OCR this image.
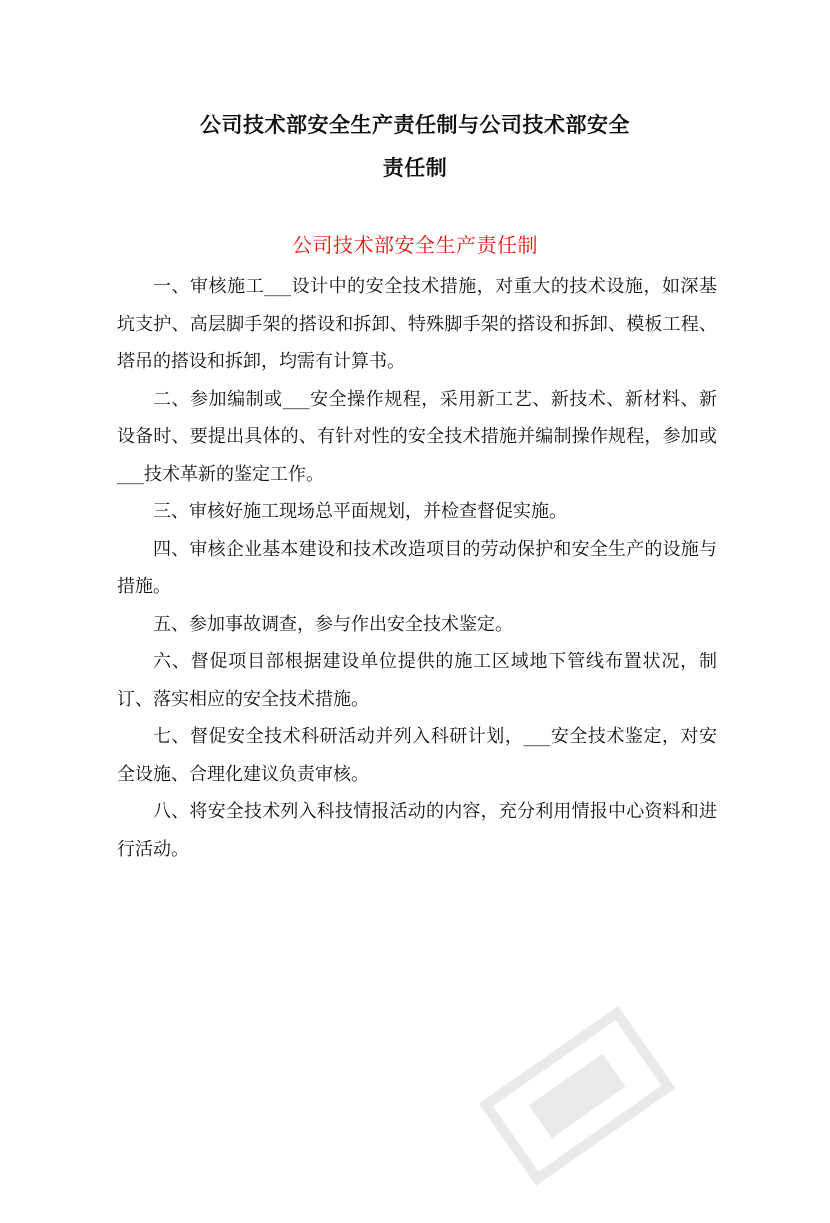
公司技术部安全生产责任制与公司技术部安全
责任制
公司技术部安全生产责任制

一、审核施工___设计中的安全技术措施，对重大的技术设施，如深基坑支护、高层脚手架的搭设和拆卸、特殊脚手架的搭设和拆卸、模板工程、塔吊的搭设和拆卸，均需有计算书。

二、参加编制或___安全操作规程，采用新工艺、新技术、新材料、新设备时、要提出具体的、有针对性的安全技术措施并编制操作规程，参加或___技术革新的鉴定工作。

三、审核好施工现场总平面规划，并检查督促实施。

四、审核企业基本建设和技术改造项目的劳动保护和安全生产的设施与措施。

五、参加事故调查，参与作出安全技术鉴定。

六、督促项目部根据建设单位提供的施工区域地下管线布置状况，制订、落实相应的安全技术措施。

七、督促安全技术科研活动并列入科研计划，___安全技术鉴定，对安全设施、合理化建议负责审核。

八、将安全技术列入科技情报活动的内容，充分利用情报中心资料和进行活动。
